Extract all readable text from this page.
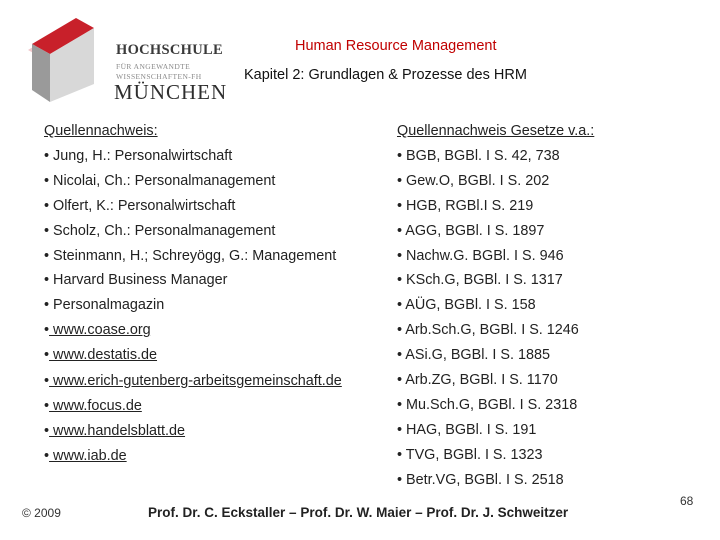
HOCHSCHULE
FÜR ANGEWANDTE
WISSENSCHAFTEN-FH
MÜNCHEN
Human Resource Management
Kapitel 2: Grundlagen & Prozesse des HRM
Quellennachweis:
• Jung, H.: Personalwirtschaft
• Nicolai, Ch.: Personalmanagement
• Olfert, K.: Personalwirtschaft
• Scholz, Ch.: Personalmanagement
• Steinmann, H.; Schreyögg, G.: Management
• Harvard Business Manager
• Personalmagazin
• www.coase.org
• www.destatis.de
• www.erich-gutenberg-arbeitsgemeinschaft.de
• www.focus.de
• www.handelsblatt.de
• www.iab.de
Quellennachweis Gesetze v.a.:
• BGB, BGBl. I S. 42, 738
• Gew.O, BGBl. I S. 202
• HGB, RGBl.I S. 219
• AGG, BGBl. I S. 1897
• Nachw.G. BGBl. I S. 946
• KSch.G, BGBl. I S. 1317
• AÜG, BGBl. I S. 158
• Arb.Sch.G, BGBl. I S. 1246
• ASi.G, BGBl. I S. 1885
• Arb.ZG, BGBl. I S. 1170
• Mu.Sch.G, BGBl. I S. 2318
• HAG, BGBl. I S. 191
• TVG, BGBl. I S. 1323
• Betr.VG, BGBl. I S. 2518
© 2009	Prof. Dr. C. Eckstaller – Prof. Dr. W. Maier – Prof. Dr. J. Schweitzer
68
